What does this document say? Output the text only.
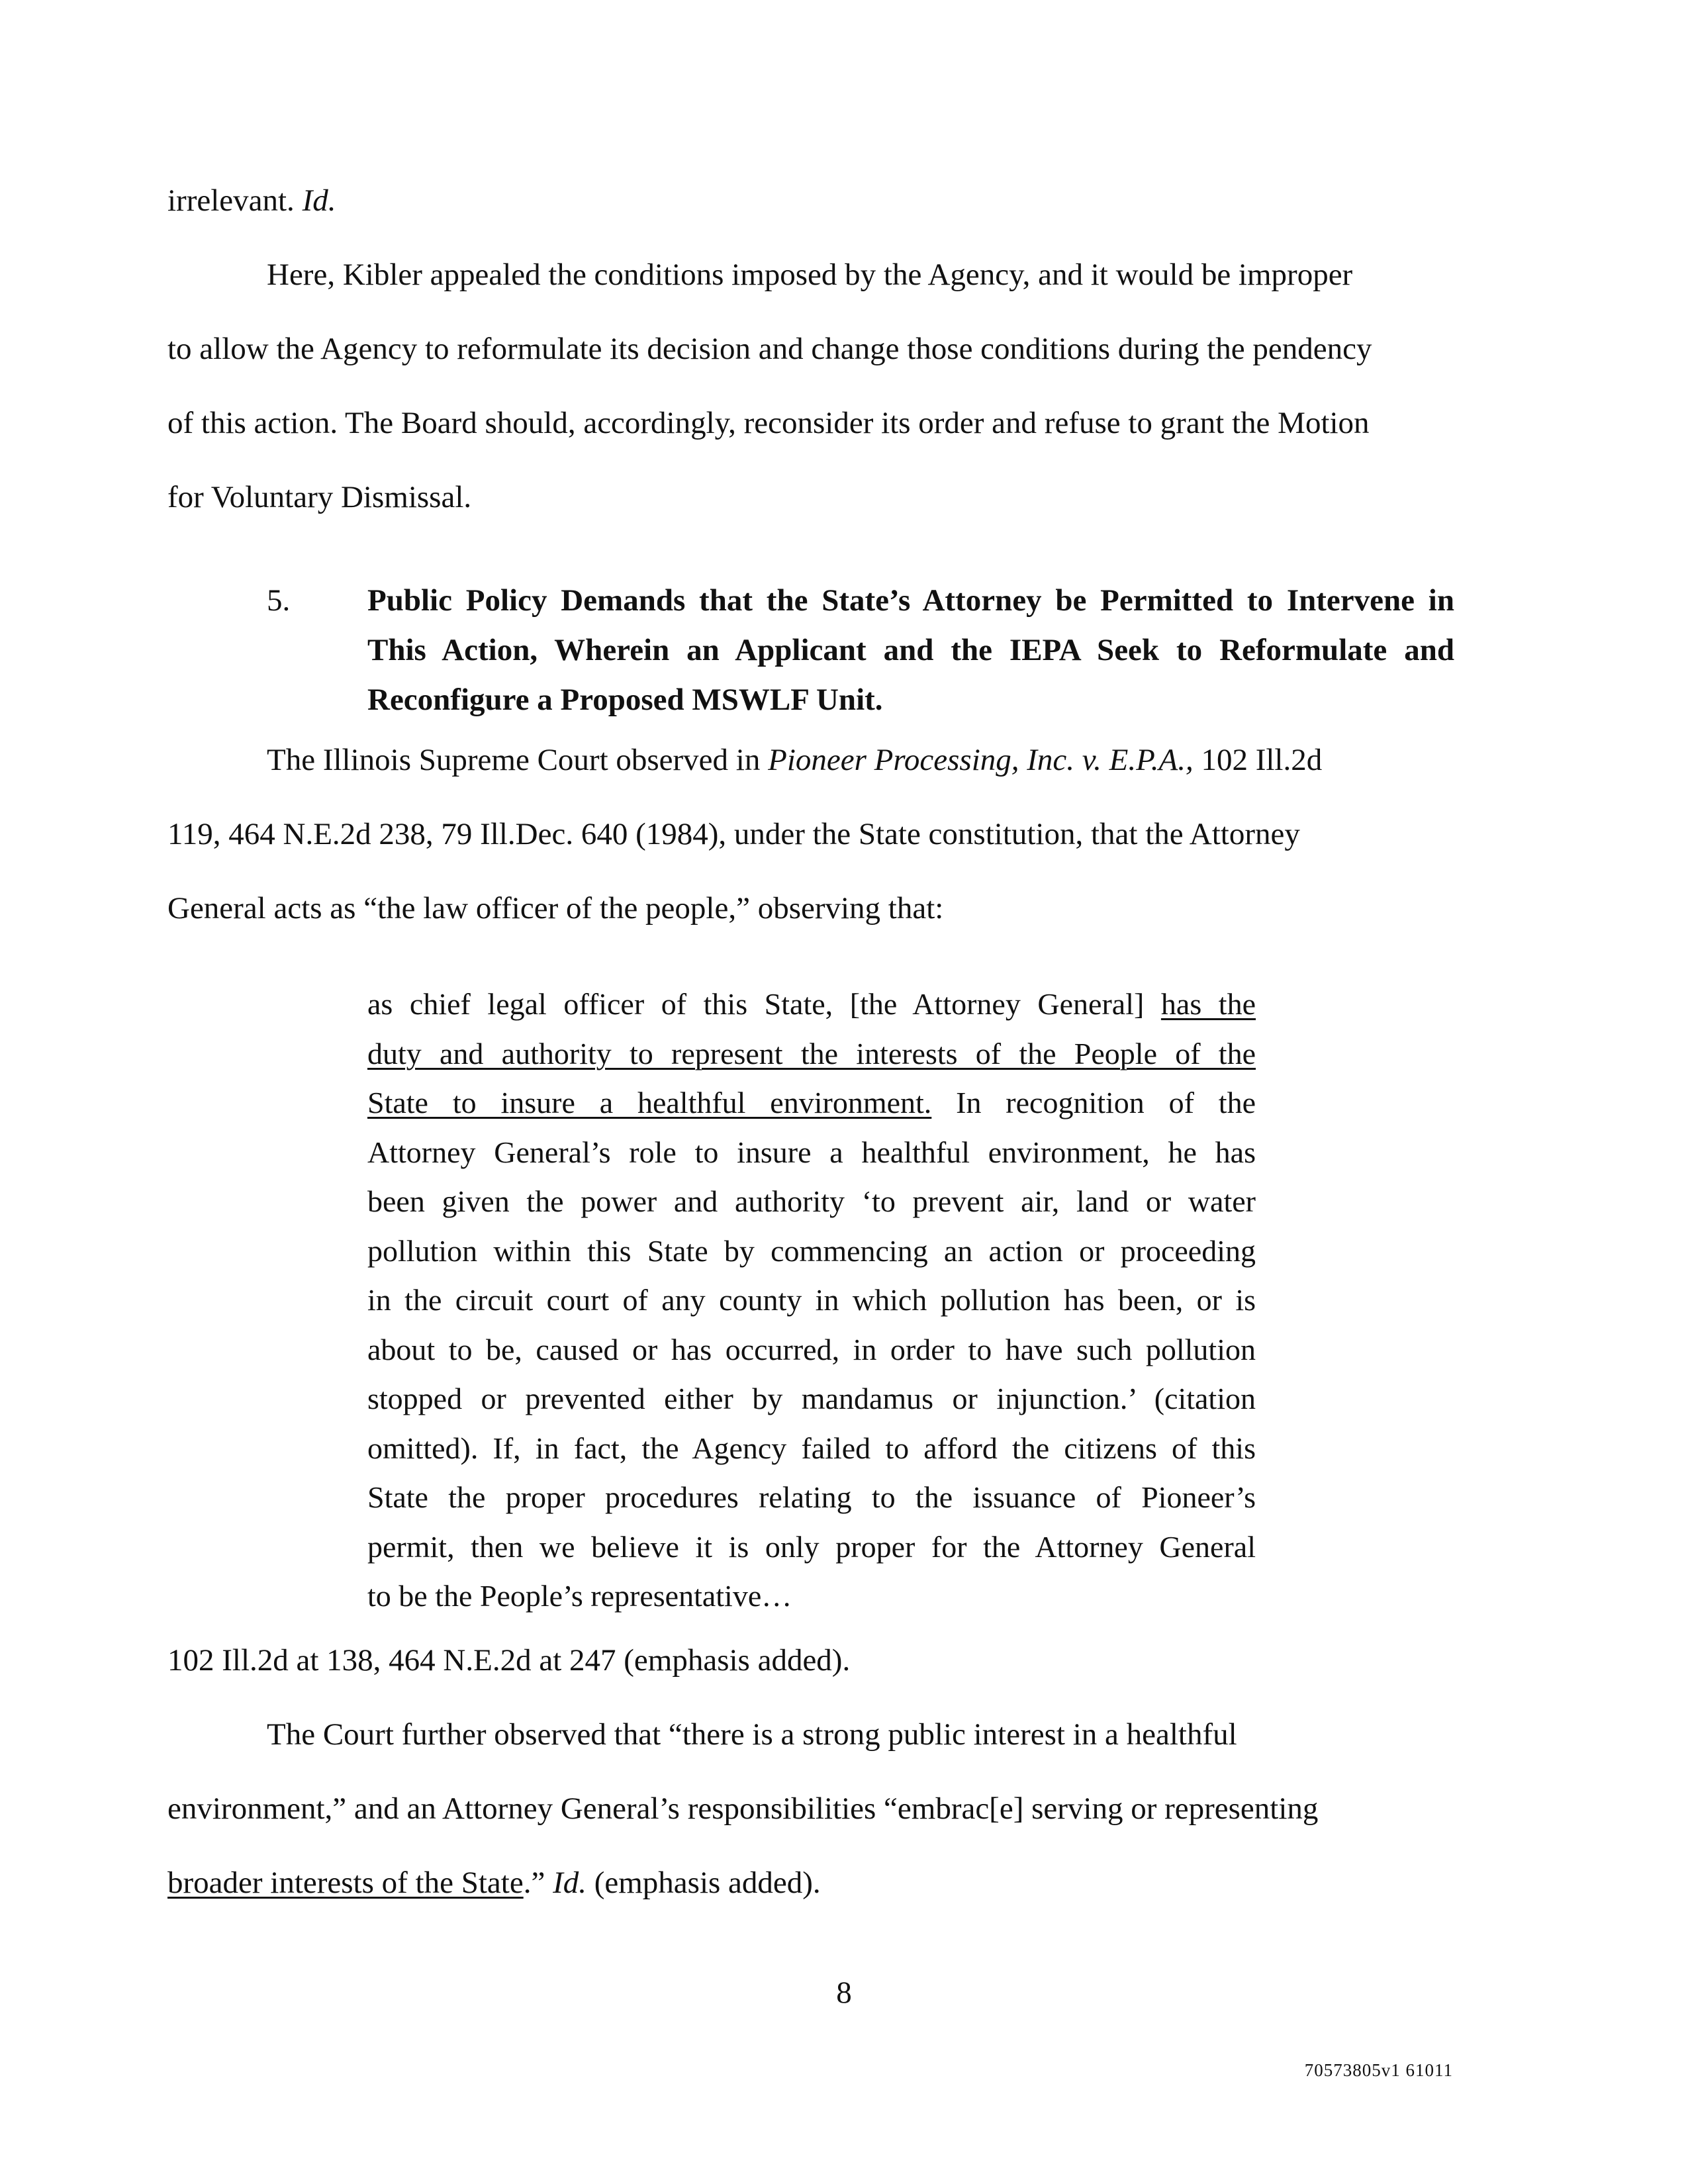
irrelevant. Id.

Here, Kibler appealed the conditions imposed by the Agency, and it would be improper

to allow the Agency to reformulate its decision and change those conditions during the pendency

of this action. The Board should, accordingly, reconsider its order and refuse to grant the Motion

for Voluntary Dismissal.

5. Public Policy Demands that the State’s Attorney be Permitted to Intervene in
This Action, Wherein an Applicant and the IEPA Seek to Reformulate and
Reconfigure a Proposed MSWLF Unit.

The Illinois Supreme Court observed in Pioneer Processing, Inc. v. E.P.A., 102 Ill.2d

119, 464 N.E.2d 238, 79 Ill.Dec. 640 (1984), under the State constitution, that the Attorney

General acts as “the law officer of the people,” observing that:

as chief legal officer of this State, [the Attorney General] has the
duty and authority to represent the interests of the People of the
State to insure a healthful environment. In recognition of the
Attorney General’s role to insure a healthful environment, he has
been given the power and authority ‘to prevent air, land or water
pollution within this State by commencing an action or proceeding
in the circuit court of any county in which pollution has been, or is
about to be, caused or has occurred, in order to have such pollution
stopped or prevented either by mandamus or injunction.’ (citation
omitted). If, in fact, the Agency failed to afford the citizens of this
State the proper procedures relating to the issuance of Pioneer’s
permit, then we believe it is only proper for the Attorney General
to be the People’s representative…

102 Ill.2d at 138, 464 N.E.2d at 247 (emphasis added).

The Court further observed that “there is a strong public interest in a healthful

environment,” and an Attorney General’s responsibilities “embrac[e] serving or representing

broader interests of the State.” Id. (emphasis added).

8
70573805v1 61011
